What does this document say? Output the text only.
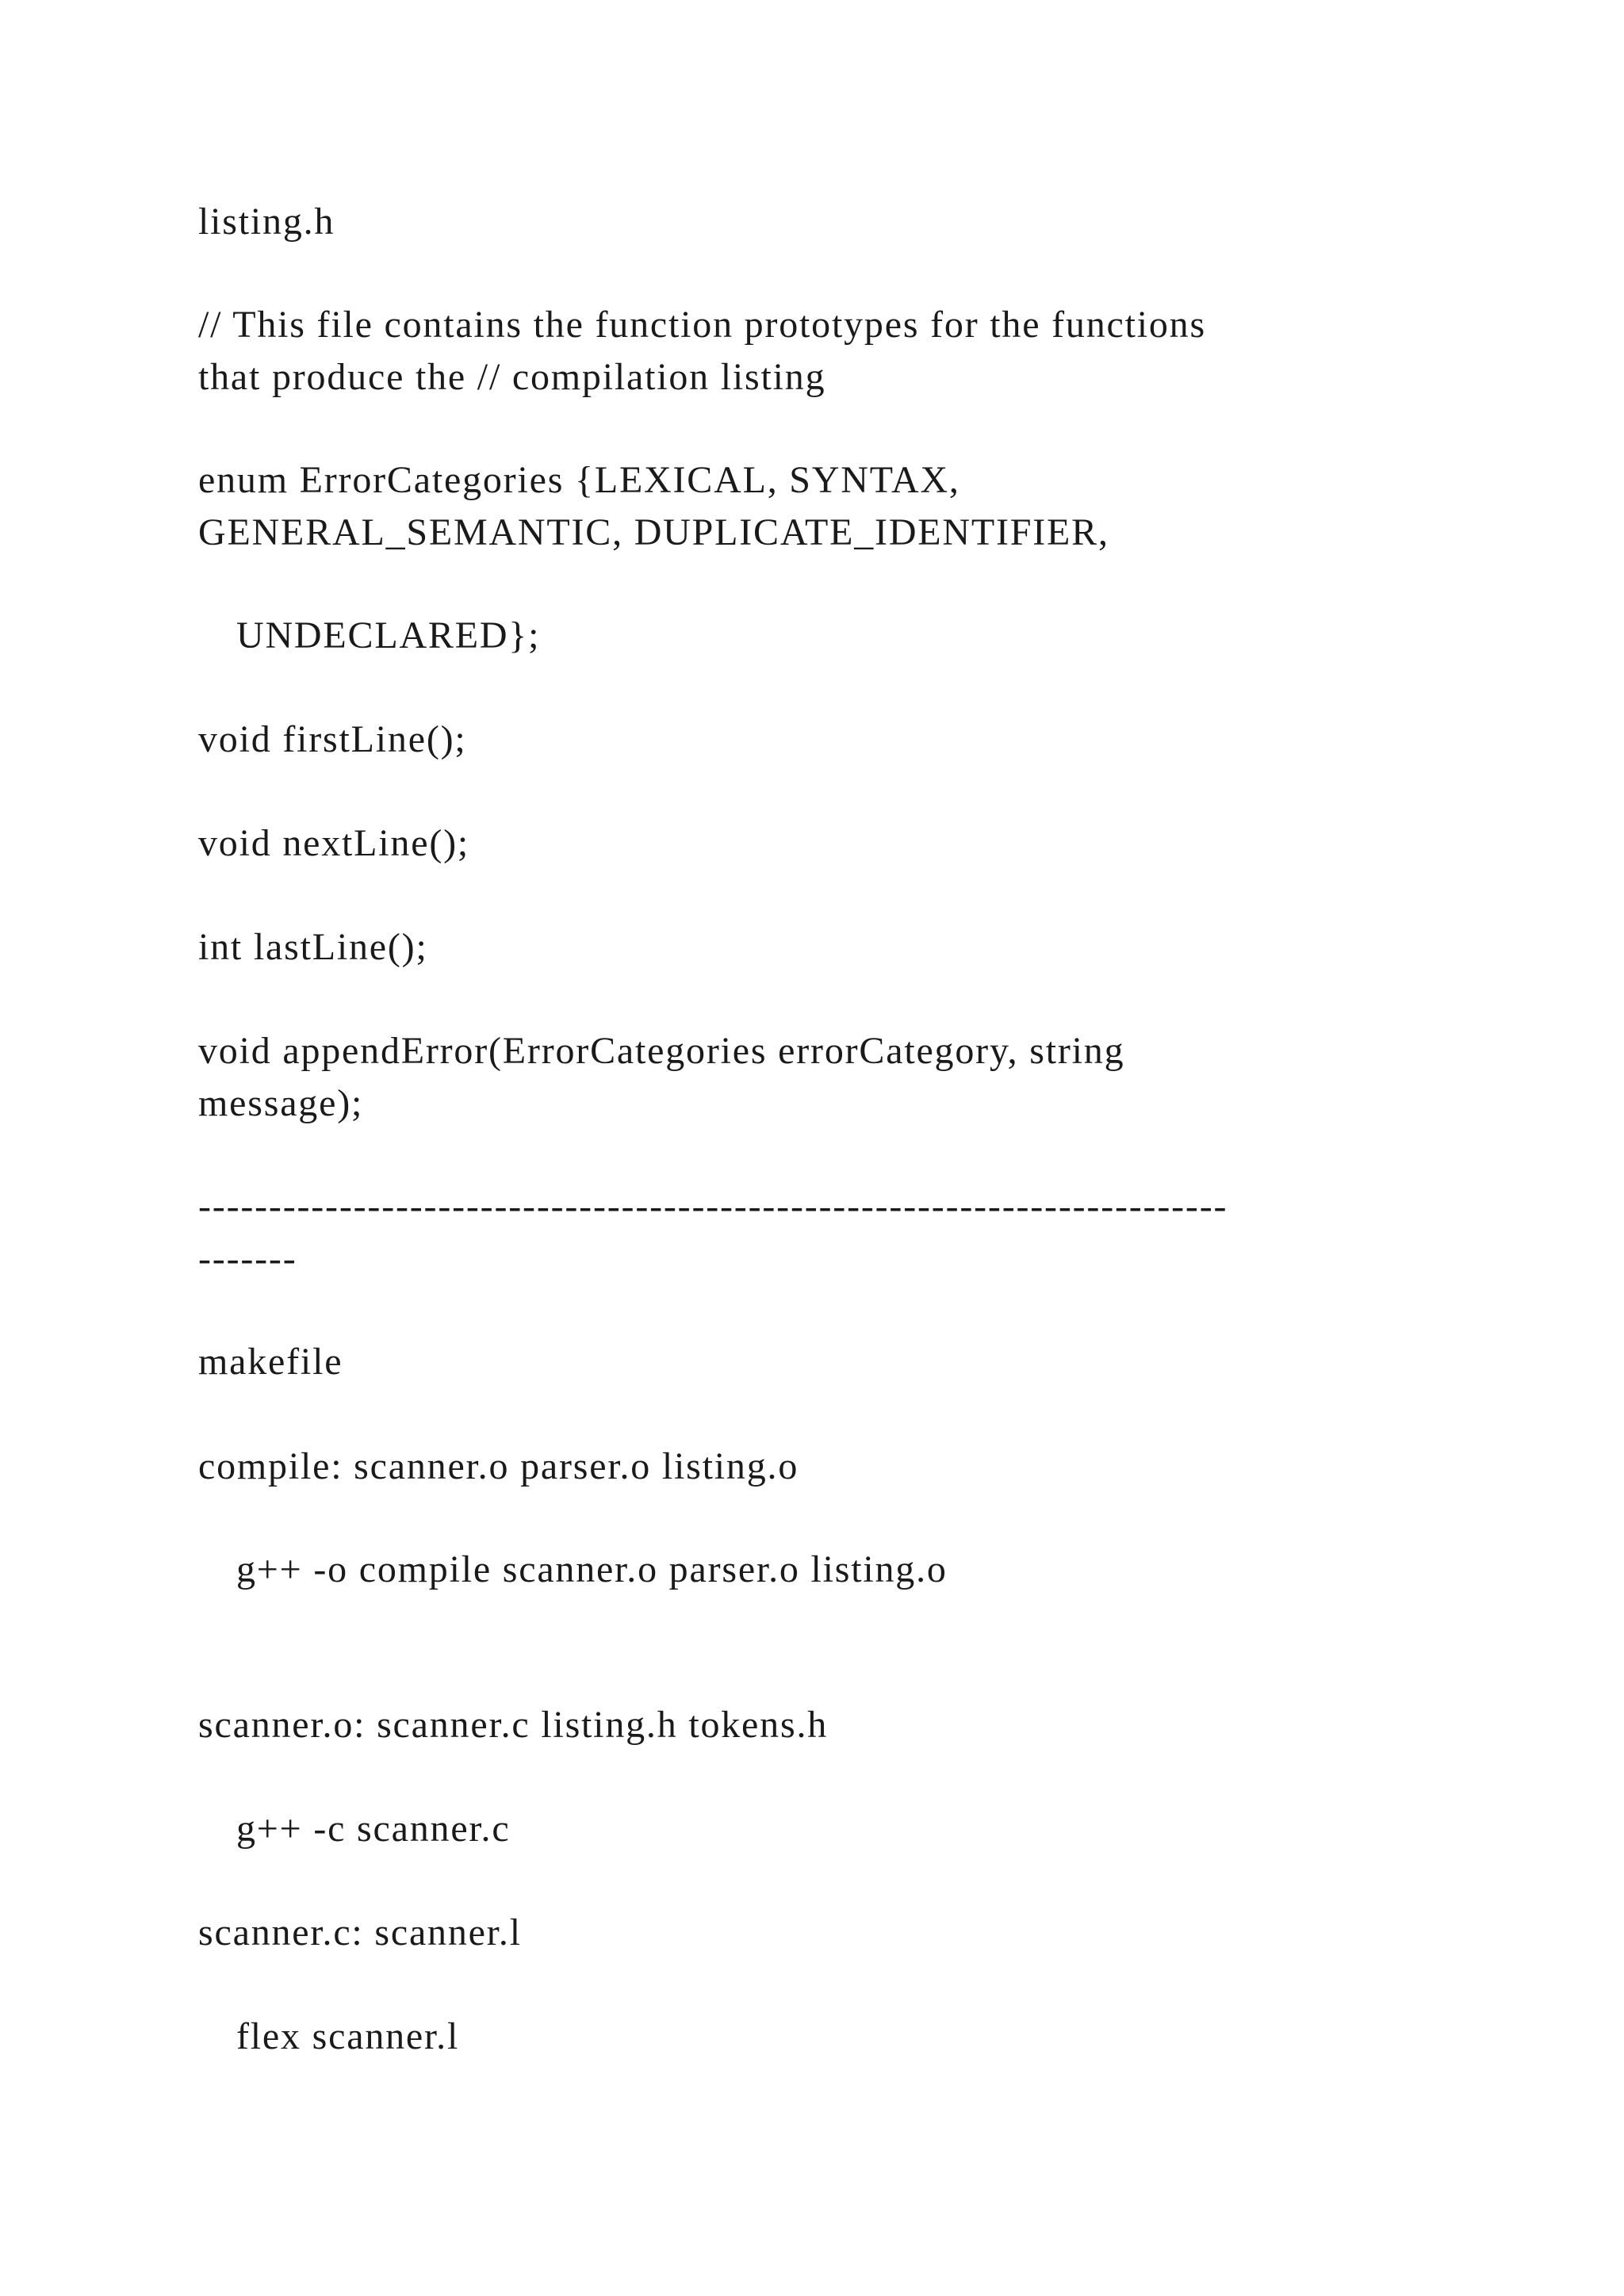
listing.h

// This file contains the function prototypes for the functions

that produce the // compilation listing

enum ErrorCategories {LEXICAL, SYNTAX,

GENERAL_SEMANTIC, DUPLICATE_IDENTIFIER,

UNDECLARED};

void firstLine();

void nextLine();

int lastLine();

void appendError(ErrorCategories errorCategory, string

message);

-------------------------------------------------------------------------

-------

makefile

compile: scanner.o parser.o listing.o

g++ -o compile scanner.o parser.o listing.o

scanner.o: scanner.c listing.h tokens.h

g++ -c scanner.c

scanner.c: scanner.l

flex scanner.l
